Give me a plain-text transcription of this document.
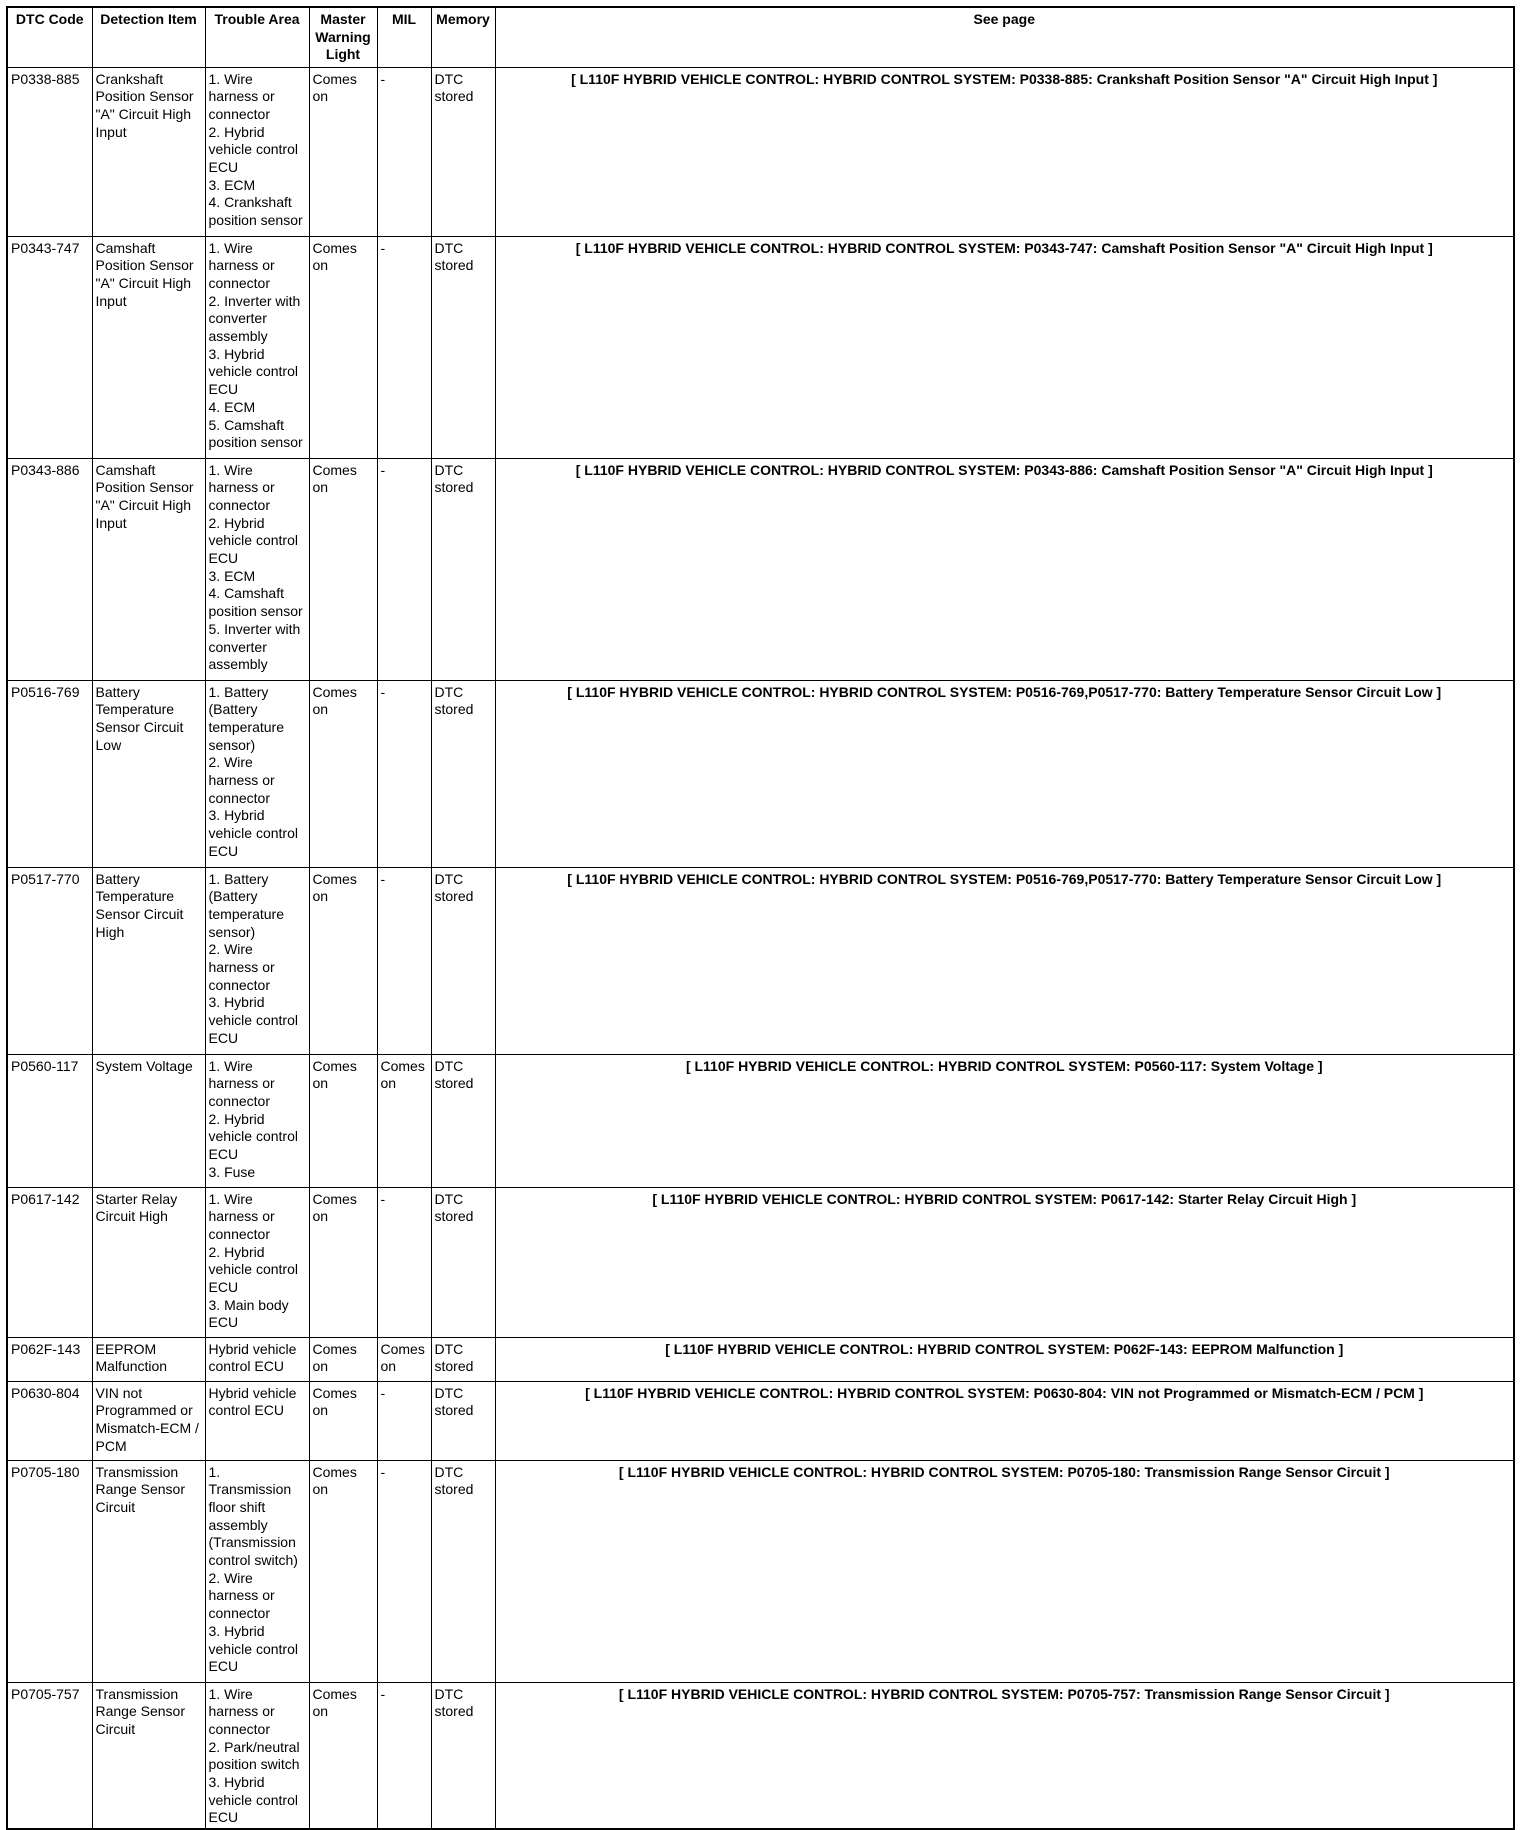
DTC Code	Detection Item	Trouble Area	Master Warning Light	MIL	Memory	See page
P0338-885	Crankshaft Position Sensor "A" Circuit High Input	1. Wire harness or connector
2. Hybrid vehicle control ECU
3. ECM
4. Crankshaft position sensor	Comes on	-	DTC stored	[ L110F HYBRID VEHICLE CONTROL: HYBRID CONTROL SYSTEM: P0338-885: Crankshaft Position Sensor "A" Circuit High Input ]
P0343-747	Camshaft Position Sensor "A" Circuit High Input	1. Wire harness or connector
2. Inverter with converter assembly
3. Hybrid vehicle control ECU
4. ECM
5. Camshaft position sensor	Comes on	-	DTC stored	[ L110F HYBRID VEHICLE CONTROL: HYBRID CONTROL SYSTEM: P0343-747: Camshaft Position Sensor "A" Circuit High Input ]
P0343-886	Camshaft Position Sensor "A" Circuit High Input	1. Wire harness or connector
2. Hybrid vehicle control ECU
3. ECM
4. Camshaft position sensor
5. Inverter with converter assembly	Comes on	-	DTC stored	[ L110F HYBRID VEHICLE CONTROL: HYBRID CONTROL SYSTEM: P0343-886: Camshaft Position Sensor "A" Circuit High Input ]
P0516-769	Battery Temperature Sensor Circuit Low	1. Battery (Battery temperature sensor)
2. Wire harness or connector
3. Hybrid vehicle control ECU	Comes on	-	DTC stored	[ L110F HYBRID VEHICLE CONTROL: HYBRID CONTROL SYSTEM: P0516-769,P0517-770: Battery Temperature Sensor Circuit Low ]
P0517-770	Battery Temperature Sensor Circuit High	1. Battery (Battery temperature sensor)
2. Wire harness or connector
3. Hybrid vehicle control ECU	Comes on	-	DTC stored	[ L110F HYBRID VEHICLE CONTROL: HYBRID CONTROL SYSTEM: P0516-769,P0517-770: Battery Temperature Sensor Circuit Low ]
P0560-117	System Voltage	1. Wire harness or connector
2. Hybrid vehicle control ECU
3. Fuse	Comes on	Comes on	DTC stored	[ L110F HYBRID VEHICLE CONTROL: HYBRID CONTROL SYSTEM: P0560-117: System Voltage ]
P0617-142	Starter Relay Circuit High	1. Wire harness or connector
2. Hybrid vehicle control ECU
3. Main body ECU	Comes on	-	DTC stored	[ L110F HYBRID VEHICLE CONTROL: HYBRID CONTROL SYSTEM: P0617-142: Starter Relay Circuit High ]
P062F-143	EEPROM Malfunction	Hybrid vehicle control ECU	Comes on	Comes on	DTC stored	[ L110F HYBRID VEHICLE CONTROL: HYBRID CONTROL SYSTEM: P062F-143: EEPROM Malfunction ]
P0630-804	VIN not Programmed or Mismatch-ECM / PCM	Hybrid vehicle control ECU	Comes on	-	DTC stored	[ L110F HYBRID VEHICLE CONTROL: HYBRID CONTROL SYSTEM: P0630-804: VIN not Programmed or Mismatch-ECM / PCM ]
P0705-180	Transmission Range Sensor Circuit	1. Transmission floor shift assembly (Transmission control switch)
2. Wire harness or connector
3. Hybrid vehicle control ECU	Comes on	-	DTC stored	[ L110F HYBRID VEHICLE CONTROL: HYBRID CONTROL SYSTEM: P0705-180: Transmission Range Sensor Circuit ]
P0705-757	Transmission Range Sensor Circuit	1. Wire harness or connector
2. Park/neutral position switch
3. Hybrid vehicle control ECU	Comes on	-	DTC stored	[ L110F HYBRID VEHICLE CONTROL: HYBRID CONTROL SYSTEM: P0705-757: Transmission Range Sensor Circuit ]
